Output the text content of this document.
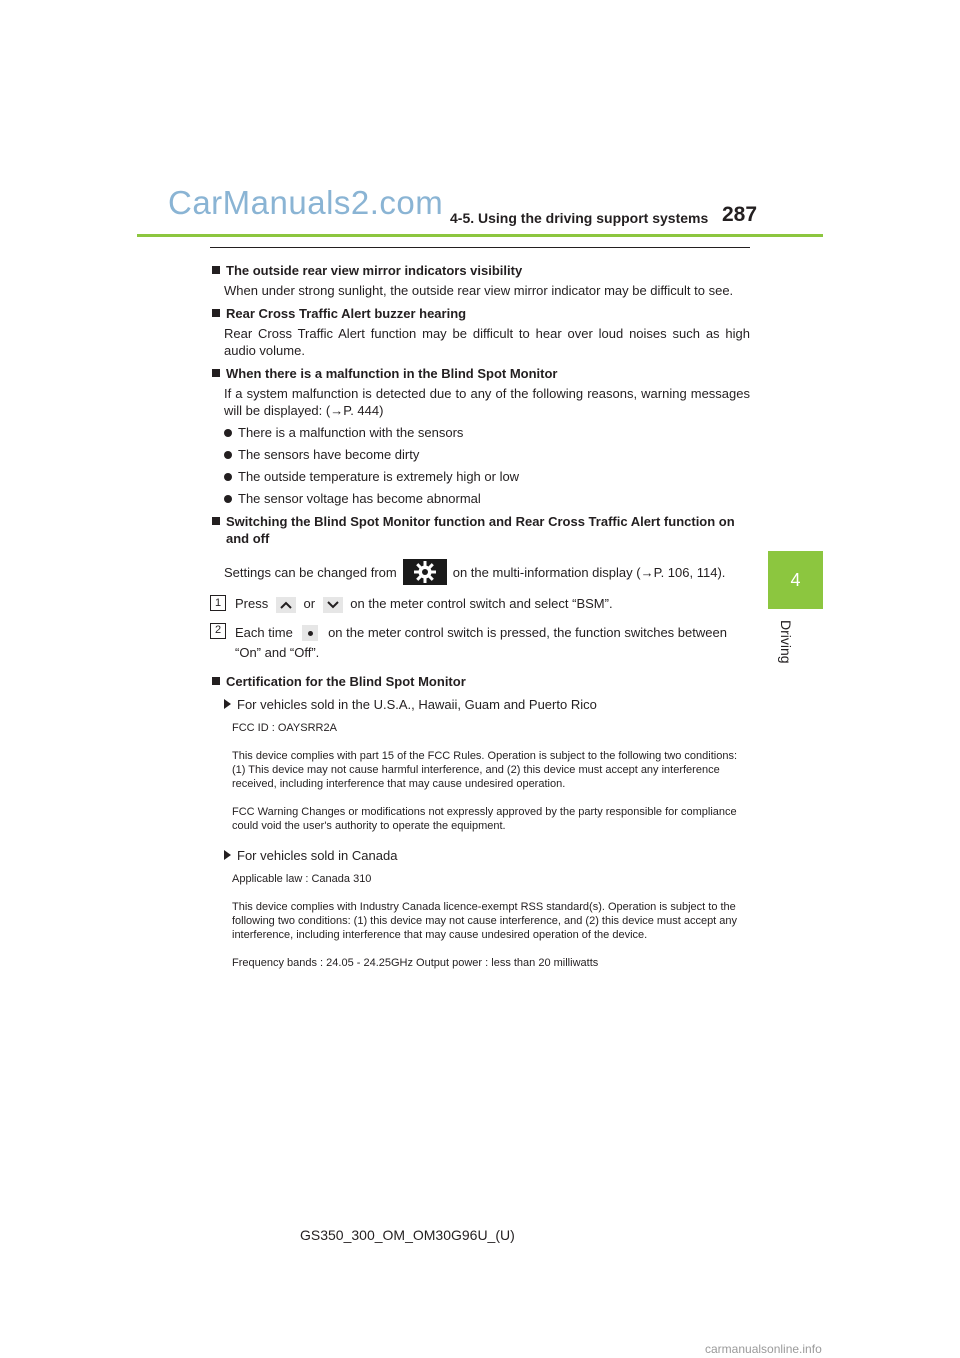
CarManuals2.com 4-5. Using the driving support systems 287
4
Driving
The outside rear view mirror indicators visibility
When under strong sunlight, the outside rear view mirror indicator may be difficult to see.
Rear Cross Traffic Alert buzzer hearing
Rear Cross Traffic Alert function may be difficult to hear over loud noises such as high audio volume.
When there is a malfunction in the Blind Spot Monitor
If a system malfunction is detected due to any of the following reasons, warning messages will be displayed: (→P. 444)
There is a malfunction with the sensors
The sensors have become dirty
The outside temperature is extremely high or low
The sensor voltage has become abnormal
Switching the Blind Spot Monitor function and Rear Cross Traffic Alert function on and off
Settings can be changed from	on the multi-information display (→P. 106, 114).
1	Press	or	on the meter control switch and select “BSM”.
2	Each time	on the meter control switch is pressed, the function switches between “On” and “Off”.
Certification for the Blind Spot Monitor
For vehicles sold in the U.S.A., Hawaii, Guam and Puerto Rico

FCC ID : OAYSRR2A

This device complies with part 15 of the FCC Rules. Operation is subject to the following two conditions: (1) This device may not cause harmful interference, and (2) this device must accept any interference received, including interference that may cause undesired operation.

FCC Warning Changes or modifications not expressly approved by the party responsible for compliance could void the user's authority to operate the equipment.

For vehicles sold in Canada

Applicable law : Canada 310

This device complies with Industry Canada licence-exempt RSS standard(s). Operation is subject to the following two conditions: (1) this device may not cause interference, and (2) this device must accept any interference, including interference that may cause undesired operation of the device.

Frequency bands : 24.05 - 24.25GHz Output power : less than 20 milliwatts

GS350_300_OM_OM30G96U_(U)
carmanualsonline.info
